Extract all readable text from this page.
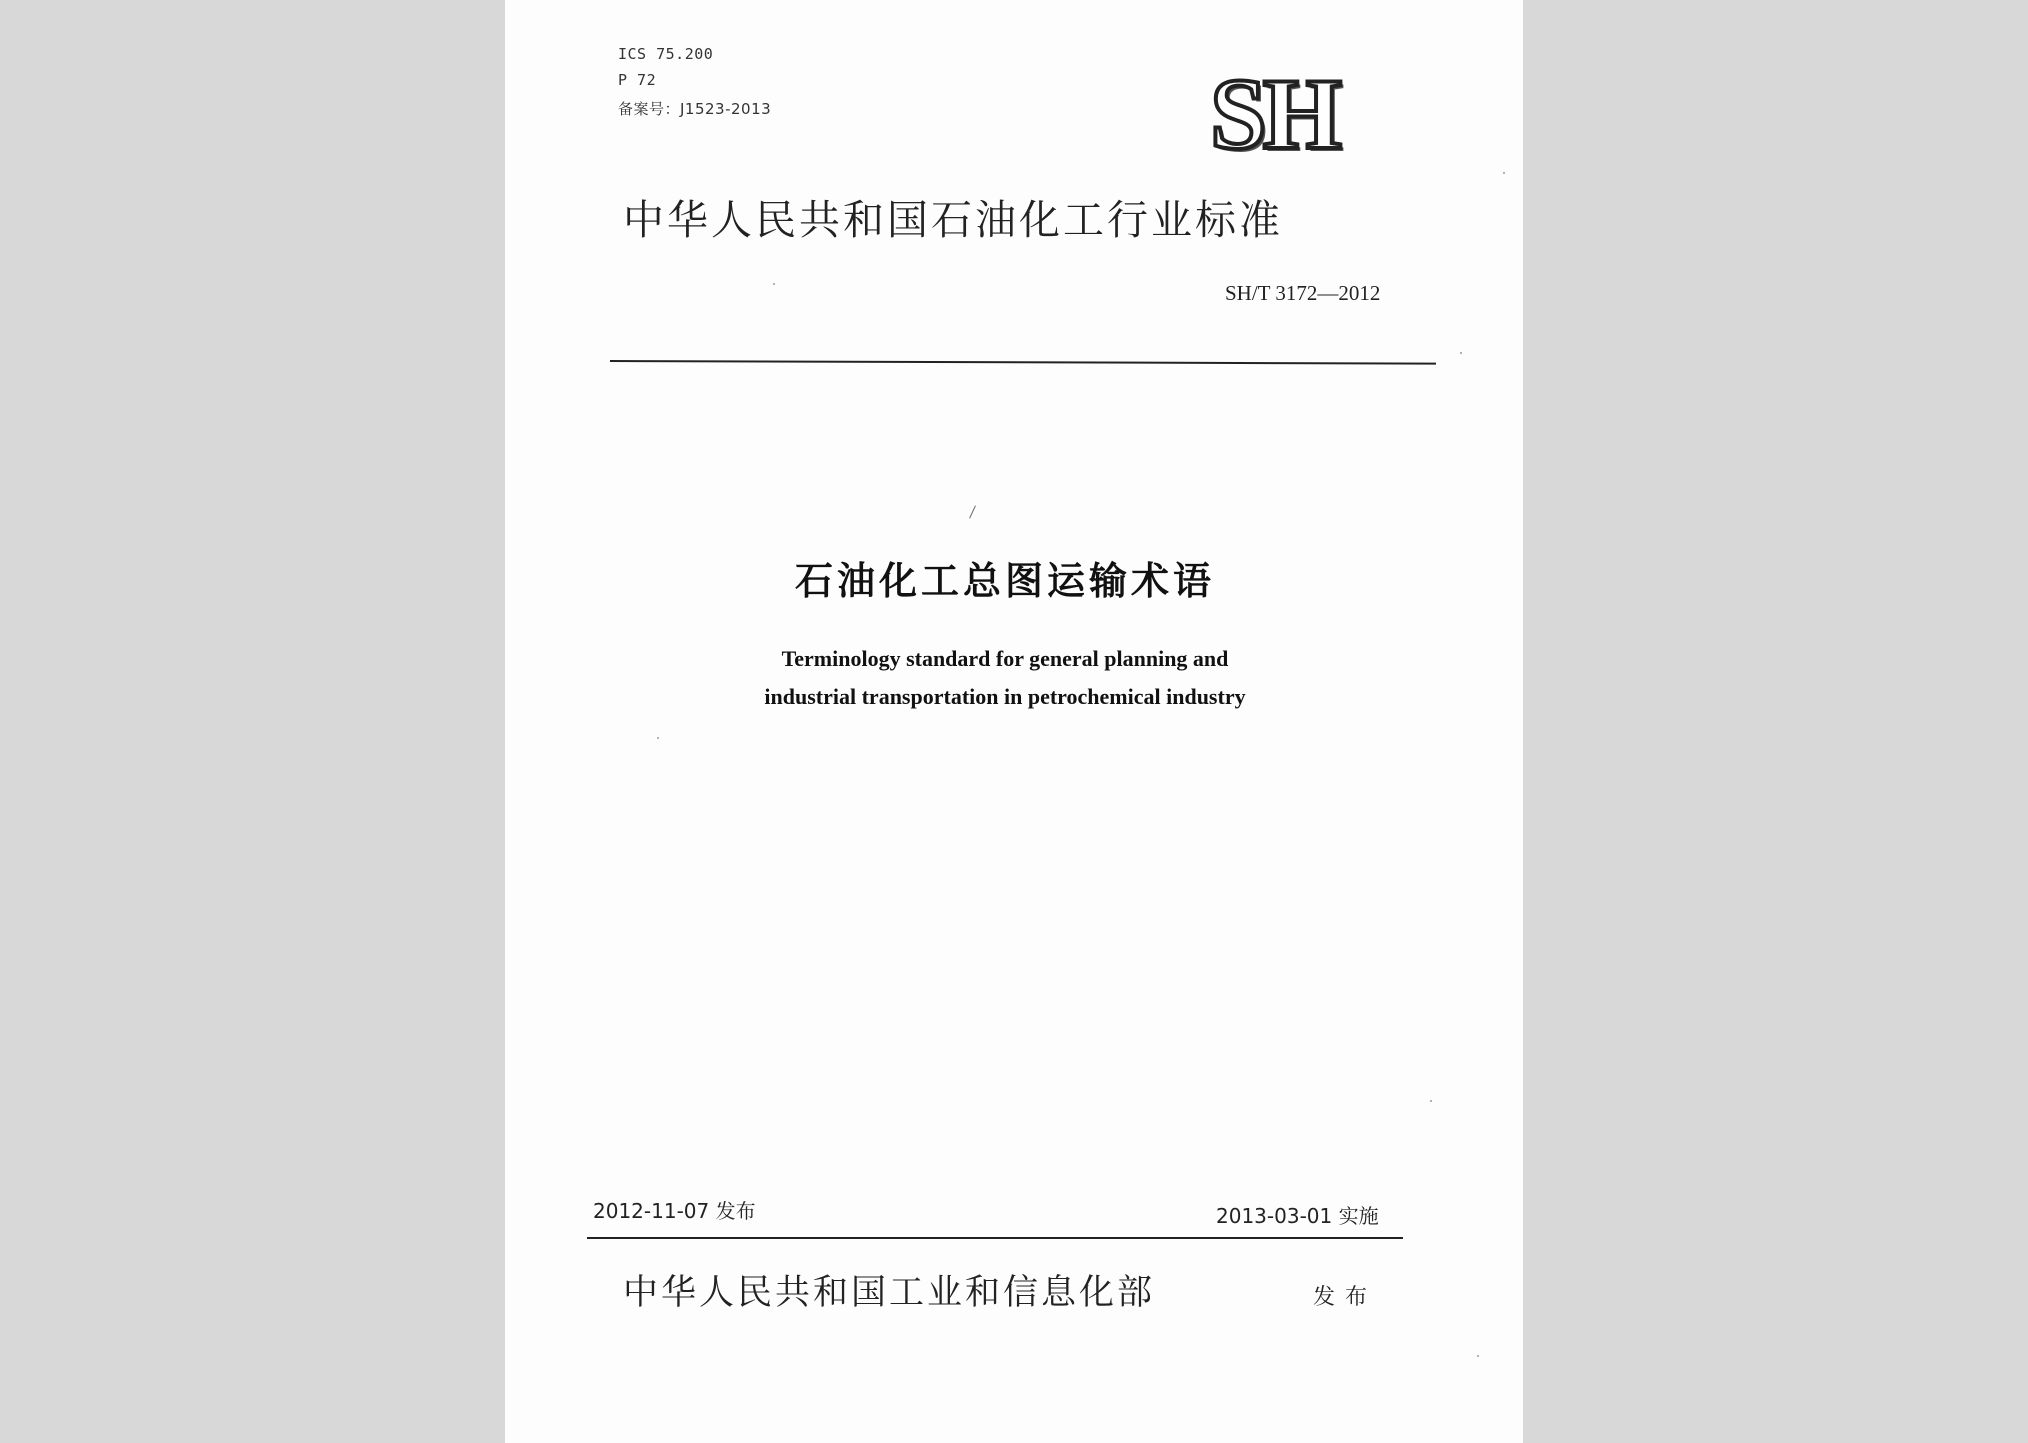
ICS 75.200
P 72
备案号：J1523-2013	SH
中华人民共和国石油化工行业标准
SH/T 3172—2012
石油化工总图运输术语
Terminology standard for general planning and
industrial transportation in petrochemical industry
2012-11-07 发布	2013-03-01 实施
中华人民共和国工业和信息化部	发布
